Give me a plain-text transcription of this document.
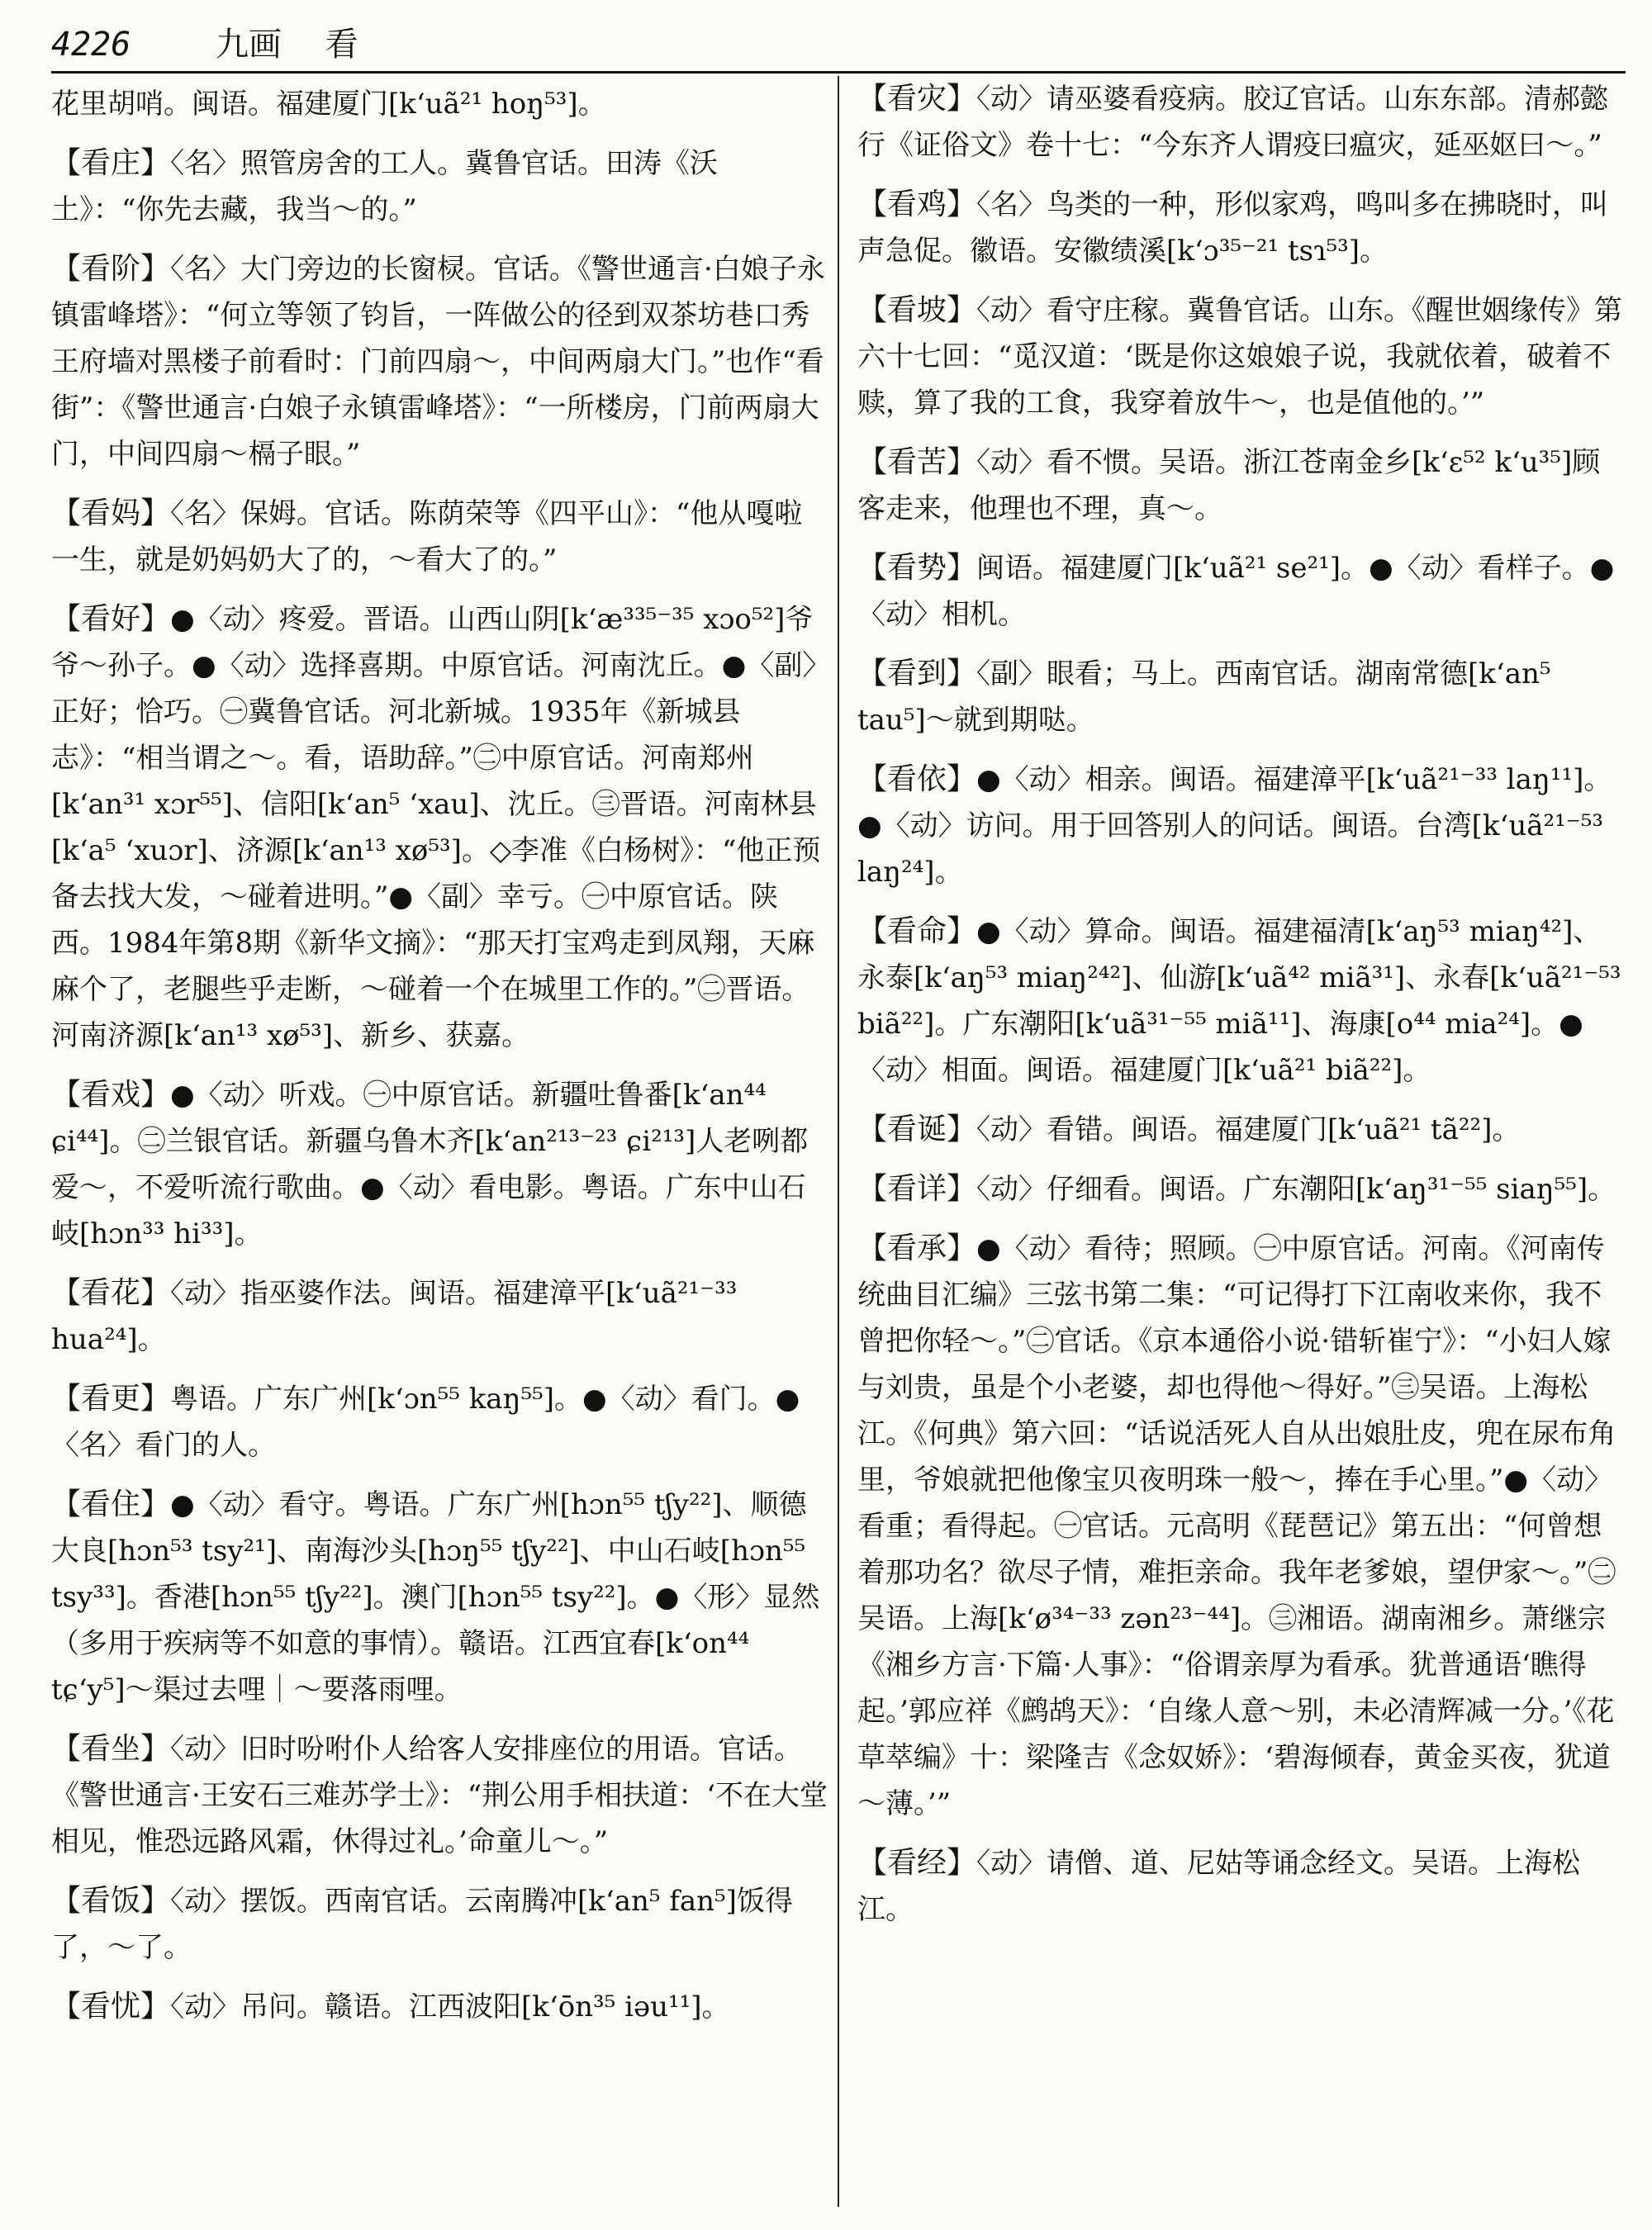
4226	九画 看

花里胡哨。闽语。福建厦门[k‘uã²¹ hoŋ⁵³]。

【看庄】〈名〉照管房舍的工人。冀鲁官话。田涛《沃土》：“你先去藏，我当～的。”

【看阶】〈名〉大门旁边的长窗棂。官话。《警世通言·白娘子永镇雷峰塔》：“何立等领了钧旨，一阵做公的径到双茶坊巷口秀王府墙对黑楼子前看时：门前四扇～，中间两扇大门。”也作“看街”：《警世通言·白娘子永镇雷峰塔》：“一所楼房，门前两扇大门，中间四扇～槅子眼。”

【看妈】〈名〉保姆。官话。陈荫荣等《四平山》：“他从嘎啦一生，就是奶妈奶大了的，～看大了的。”

【看好】●〈动〉疼爱。晋语。山西山阴[k‘æ³³⁵⁻³⁵ xɔo⁵²]爷爷～孙子。●〈动〉选择喜期。中原官话。河南沈丘。●〈副〉正好；恰巧。㊀冀鲁官话。河北新城。1935年《新城县志》：“相当谓之～。看，语助辞。”㊁中原官话。河南郑州[k‘an³¹ xɔr⁵⁵]、信阳[k‘an⁵ ‘xau]、沈丘。㊂晋语。河南林县[k‘a⁵ ‘xuɔr]、济源[k‘an¹³ xø⁵³]。◇李准《白杨树》：“他正预备去找大发，～碰着进明。”●〈副〉幸亏。㊀中原官话。陕西。1984年第8期《新华文摘》：“那天打宝鸡走到凤翔，天麻麻个了，老腿些乎走断，～碰着一个在城里工作的。”㊁晋语。河南济源[k‘an¹³ xø⁵³]、新乡、获嘉。

【看戏】●〈动〉听戏。㊀中原官话。新疆吐鲁番[k‘an⁴⁴ ɕi⁴⁴]。㊁兰银官话。新疆乌鲁木齐[k‘an²¹³⁻²³ ɕi²¹³]人老咧都爱～，不爱听流行歌曲。●〈动〉看电影。粤语。广东中山石岐[hɔn³³ hi³³]。

【看花】〈动〉指巫婆作法。闽语。福建漳平[k‘uã²¹⁻³³ hua²⁴]。

【看更】粤语。广东广州[k‘ɔn⁵⁵ kaŋ⁵⁵]。●〈动〉看门。●〈名〉看门的人。

【看住】●〈动〉看守。粤语。广东广州[hɔn⁵⁵ tʃy²²]、顺德大良[hɔn⁵³ tsy²¹]、南海沙头[hɔŋ⁵⁵ tʃy²²]、中山石岐[hɔn⁵⁵ tsy³³]。香港[hɔn⁵⁵ tʃy²²]。澳门[hɔn⁵⁵ tsy²²]。●〈形〉显然（多用于疾病等不如意的事情）。赣语。江西宜春[k‘on⁴⁴ tɕ‘y⁵]～渠过去哩｜～要落雨哩。

【看坐】〈动〉旧时吩咐仆人给客人安排座位的用语。官话。《警世通言·王安石三难苏学士》：“荆公用手相扶道：‘不在大堂相见，惟恐远路风霜，休得过礼。’命童儿～。”

【看饭】〈动〉摆饭。西南官话。云南腾冲[k‘an⁵ fan⁵]饭得了，～了。

【看忧】〈动〉吊问。赣语。江西波阳[k‘ōn³⁵ iəu¹¹]。

【看灾】〈动〉请巫婆看疫病。胶辽官话。山东东部。清郝懿行《证俗文》卷十七：“今东齐人谓疫曰瘟灾，延巫妪曰～。”

【看鸡】〈名〉鸟类的一种，形似家鸡，鸣叫多在拂晓时，叫声急促。徽语。安徽绩溪[k‘ɔ³⁵⁻²¹ tsɿ⁵³]。

【看坡】〈动〉看守庄稼。冀鲁官话。山东。《醒世姻缘传》第六十七回：“觅汉道：‘既是你这娘娘子说，我就依着，破着不赎，算了我的工食，我穿着放牛～，也是值他的。’”

【看苦】〈动〉看不惯。吴语。浙江苍南金乡[k‘ɛ⁵² k‘u³⁵]顾客走来，他理也不理，真～。

【看势】闽语。福建厦门[k‘uã²¹ se²¹]。●〈动〉看样子。●〈动〉相机。

【看到】〈副〉眼看；马上。西南官话。湖南常德[k‘an⁵ tau⁵]～就到期哒。

【看依】●〈动〉相亲。闽语。福建漳平[k‘uã²¹⁻³³ laŋ¹¹]。●〈动〉访问。用于回答别人的问话。闽语。台湾[k‘uã²¹⁻⁵³ laŋ²⁴]。

【看命】●〈动〉算命。闽语。福建福清[k‘aŋ⁵³ miaŋ⁴²]、永泰[k‘aŋ⁵³ miaŋ²⁴²]、仙游[k‘uã⁴² miã³¹]、永春[k‘uã²¹⁻⁵³ biã²²]。广东潮阳[k‘uã³¹⁻⁵⁵ miã¹¹]、海康[o⁴⁴ mia²⁴]。●〈动〉相面。闽语。福建厦门[k‘uã²¹ biã²²]。

【看诞】〈动〉看错。闽语。福建厦门[k‘uã²¹ tã²²]。

【看详】〈动〉仔细看。闽语。广东潮阳[k‘aŋ³¹⁻⁵⁵ siaŋ⁵⁵]。

【看承】●〈动〉看待；照顾。㊀中原官话。河南。《河南传统曲目汇编》三弦书第二集：“可记得打下江南收来你，我不曾把你轻～。”㊁官话。《京本通俗小说·错斩崔宁》：“小妇人嫁与刘贵，虽是个小老婆，却也得他～得好。”㊂吴语。上海松江。《何典》第六回：“话说活死人自从出娘肚皮，兜在尿布角里，爷娘就把他像宝贝夜明珠一般～，捧在手心里。”●〈动〉看重；看得起。㊀官话。元高明《琵琶记》第五出：“何曾想着那功名？欲尽子情，难拒亲命。我年老爹娘，望伊家～。”㊁吴语。上海[k‘ø³⁴⁻³³ zən²³⁻⁴⁴]。㊂湘语。湖南湘乡。萧继宗《湘乡方言·下篇·人事》：“俗谓亲厚为看承。犹普通语‘瞧得起。’郭应祥《鹧鸪天》：‘自缘人意～别，未必清辉减一分。’《花草萃编》十：梁隆吉《念奴娇》：‘碧海倾春，黄金买夜，犹道～薄。’”

【看经】〈动〉请僧、道、尼姑等诵念经文。吴语。上海松江。
